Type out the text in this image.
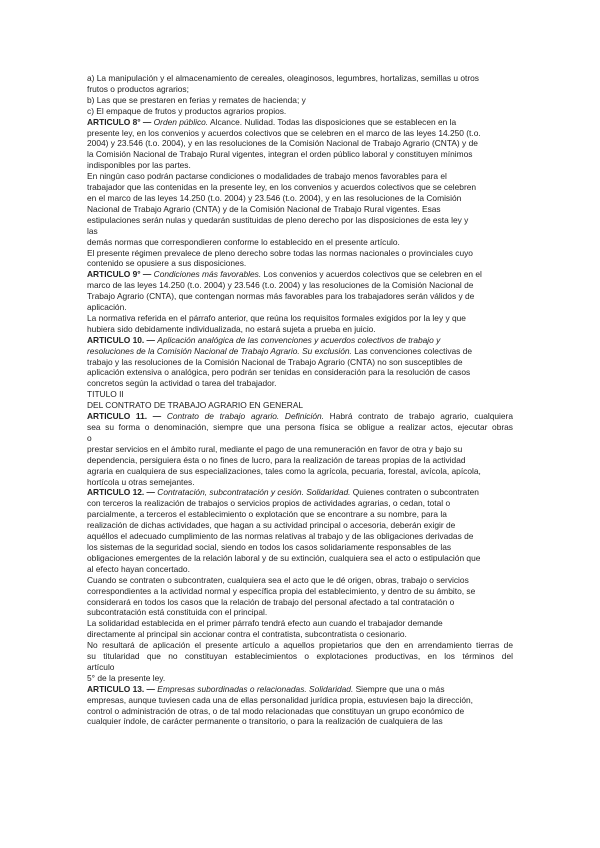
a) La manipulación y el almacenamiento de cereales, oleaginosos, legumbres, hortalizas, semillas u otros
frutos o productos agrarios;
b) Las que se prestaren en ferias y remates de hacienda; y
c) El empaque de frutos y productos agrarios propios.
ARTICULO 8° — Orden público. Alcance. Nulidad. Todas las disposiciones que se establecen en la
presente ley, en los convenios y acuerdos colectivos que se celebren en el marco de las leyes 14.250 (t.o.
2004) y 23.546 (t.o. 2004), y en las resoluciones de la Comisión Nacional de Trabajo Agrario (CNTA) y de
la Comisión Nacional de Trabajo Rural vigentes, integran el orden público laboral y constituyen mínimos
indisponibles por las partes.
En ningún caso podrán pactarse condiciones o modalidades de trabajo menos favorables para el
trabajador que las contenidas en la presente ley, en los convenios y acuerdos colectivos que se celebren
en el marco de las leyes 14.250 (t.o. 2004) y 23.546 (t.o. 2004), y en las resoluciones de la Comisión
Nacional de Trabajo Agrario (CNTA) y de la Comisión Nacional de Trabajo Rural vigentes. Esas
estipulaciones serán nulas y quedarán sustituidas de pleno derecho por las disposiciones de esta ley y
las
demás normas que correspondieren conforme lo establecido en el presente artículo.
El presente régimen prevalece de pleno derecho sobre todas las normas nacionales o provinciales cuyo
contenido se opusiere a sus disposiciones.
ARTICULO 9° — Condiciones más favorables. Los convenios y acuerdos colectivos que se celebren en el
marco de las leyes 14.250 (t.o. 2004) y 23.546 (t.o. 2004) y las resoluciones de la Comisión Nacional de
Trabajo Agrario (CNTA), que contengan normas más favorables para los trabajadores serán válidos y de
aplicación.
La normativa referida en el párrafo anterior, que reúna los requisitos formales exigidos por la ley y que
hubiera sido debidamente individualizada, no estará sujeta a prueba en juicio.
ARTICULO 10. — Aplicación analógica de las convenciones y acuerdos colectivos de trabajo y
resoluciones de la Comisión Nacional de Trabajo Agrario. Su exclusión. Las convenciones colectivas de
trabajo y las resoluciones de la Comisión Nacional de Trabajo Agrario (CNTA) no son susceptibles de
aplicación extensiva o analógica, pero podrán ser tenidas en consideración para la resolución de casos
concretos según la actividad o tarea del trabajador.
TITULO II
DEL CONTRATO DE TRABAJO AGRARIO EN GENERAL
ARTICULO 11. — Contrato de trabajo agrario. Definición. Habrá contrato de trabajo agrario, cualquiera
sea su forma o denominación, siempre que una persona física se obligue a realizar actos, ejecutar obras
o
prestar servicios en el ámbito rural, mediante el pago de una remuneración en favor de otra y bajo su
dependencia, persiguiera ésta o no fines de lucro, para la realización de tareas propias de la actividad
agraria en cualquiera de sus especializaciones, tales como la agrícola, pecuaria, forestal, avícola, apícola,
hortícola u otras semejantes.
ARTICULO 12. — Contratación, subcontratación y cesión. Solidaridad. Quienes contraten o subcontraten
con terceros la realización de trabajos o servicios propios de actividades agrarias, o cedan, total o
parcialmente, a terceros el establecimiento o explotación que se encontrare a su nombre, para la
realización de dichas actividades, que hagan a su actividad principal o accesoria, deberán exigir de
aquéllos el adecuado cumplimiento de las normas relativas al trabajo y de las obligaciones derivadas de
los sistemas de la seguridad social, siendo en todos los casos solidariamente responsables de las
obligaciones emergentes de la relación laboral y de su extinción, cualquiera sea el acto o estipulación que
al efecto hayan concertado.
Cuando se contraten o subcontraten, cualquiera sea el acto que le dé origen, obras, trabajo o servicios
correspondientes a la actividad normal y específica propia del establecimiento, y dentro de su ámbito, se
considerará en todos los casos que la relación de trabajo del personal afectado a tal contratación o
subcontratación está constituida con el principal.
La solidaridad establecida en el primer párrafo tendrá efecto aun cuando el trabajador demande
directamente al principal sin accionar contra el contratista, subcontratista o cesionario.
No resultará de aplicación el presente artículo a aquellos propietarios que den en arrendamiento tierras de
su titularidad que no constituyan establecimientos o explotaciones productivas, en los términos del
artículo
5° de la presente ley.
ARTICULO 13. — Empresas subordinadas o relacionadas. Solidaridad. Siempre que una o más
empresas, aunque tuviesen cada una de ellas personalidad jurídica propia, estuviesen bajo la dirección,
control o administración de otras, o de tal modo relacionadas que constituyan un grupo económico de
cualquier índole, de carácter permanente o transitorio, o para la realización de cualquiera de las
